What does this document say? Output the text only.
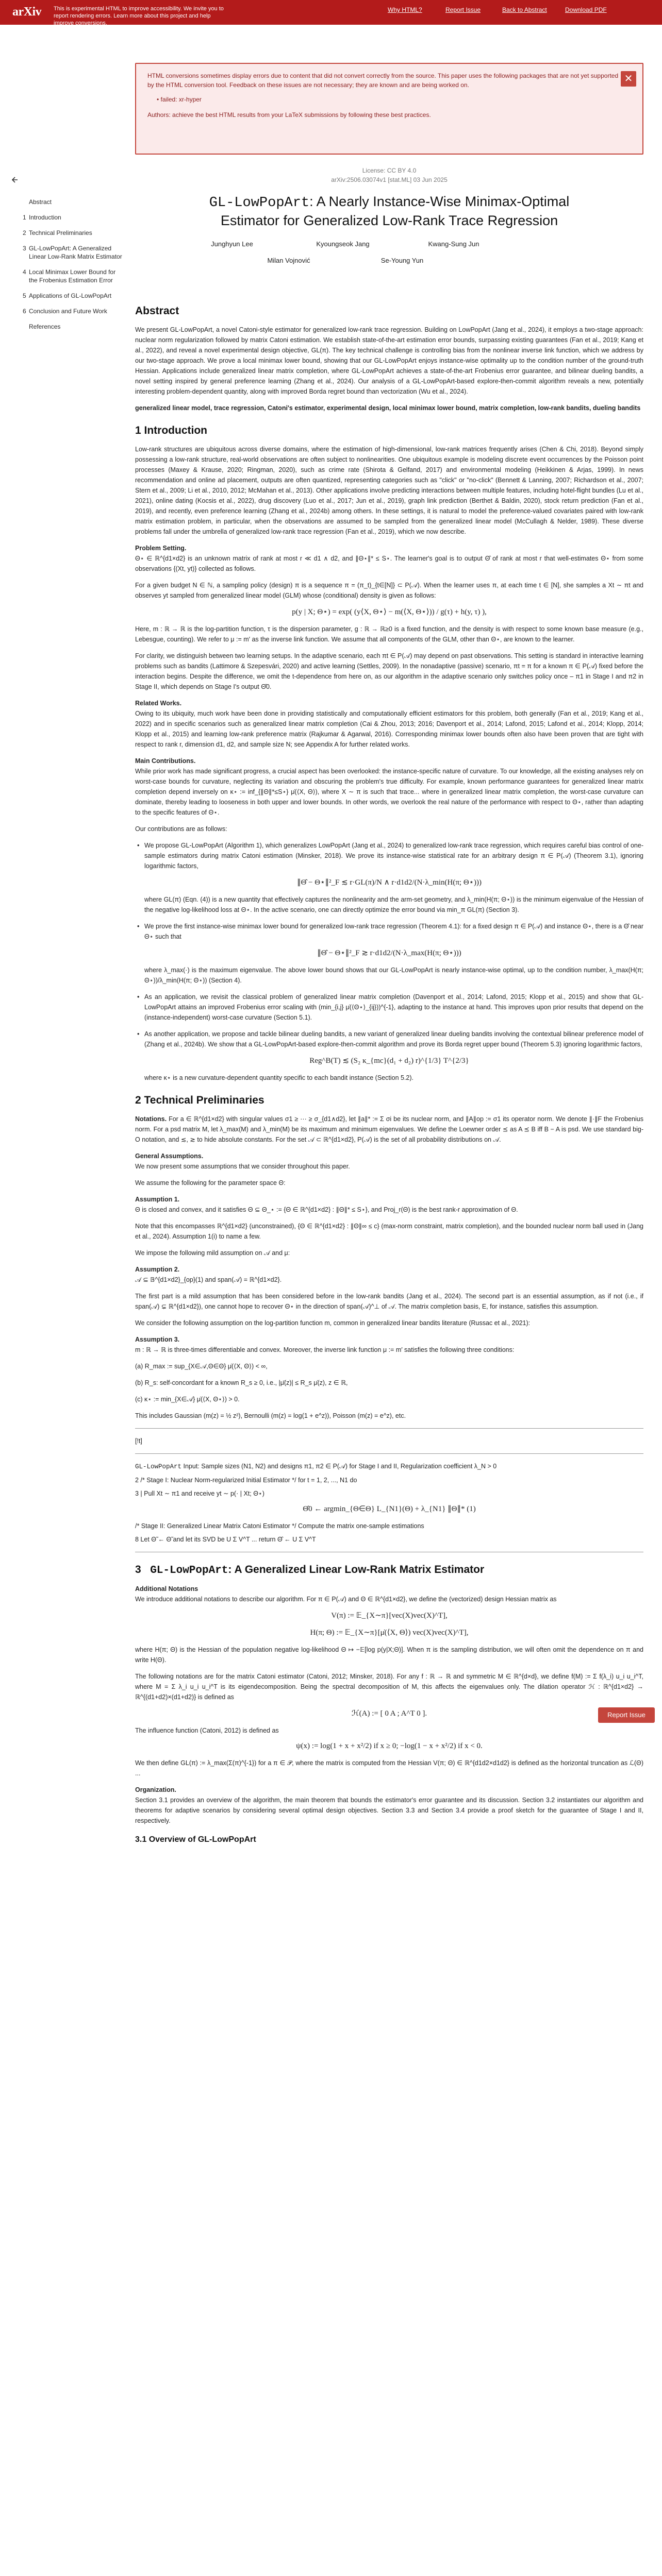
arXiv	This is experimental HTML to improve accessibility. We invite you to report rendering errors. Learn more about this project and help improve conversions.
Why HTML?	Report Issue	Back to Abstract	Download PDF
Abstract
1 Introduction
2 Technical Preliminaries
3 GL-LowPopArt: A Generalized Linear Low-Rank Matrix Estimator
4 Local Minimax Lower Bound for the Frobenius Estimation Error
5 Applications of GL-LowPopArt
6 Conclusion and Future Work
References
HTML conversions sometimes display errors due to content that did not convert correctly from the source. This paper uses the following packages that are not yet supported by the HTML conversion tool. Feedback on these issues are not necessary; they are known and are being worked on.
• failed: xr-hyper
Authors: achieve the best HTML results from your LaTeX submissions by following these best practices.
✕
License: CC BY 4.0
arXiv:2506.03074v1 [stat.ML] 03 Jun 2025
GL-LowPopArt: A Nearly Instance-Wise Minimax-Optimal
Estimator for Generalized Low-Rank Trace Regression
Junghyun Lee	Kyoungseok Jang	Kwang-Sung Jun
Milan Vojnović	Se-Young Yun
Abstract
We present GL-LowPopArt, a novel Catoni-style estimator for generalized low-rank trace regression. Building on LowPopArt (Jang et al., 2024), it employs a two-stage approach: nuclear norm regularization followed by matrix Catoni estimation. We establish state-of-the-art estimation error bounds, surpassing existing guarantees (Fan et al., 2019; Kang et al., 2022), and reveal a novel experimental design objective, GL(π). The key technical challenge is controlling bias from the nonlinear inverse link function, which we address by our two-stage approach. We prove a local minimax lower bound, showing that our GL-LowPopArt enjoys instance-wise optimality up to the condition number of the ground-truth Hessian. Applications include generalized linear matrix completion, where GL-LowPopArt achieves a state-of-the-art Frobenius error guarantee, and bilinear dueling bandits, a novel setting inspired by general preference learning (Zhang et al., 2024). Our analysis of a GL-LowPopArt-based explore-then-commit algorithm reveals a new, potentially interesting problem-dependent quantity, along with improved Borda regret bound than vectorization (Wu et al., 2024).
generalized linear model, trace regression, Catoni's estimator, experimental design, local minimax lower bound, matrix completion, low-rank bandits, dueling bandits
1 Introduction
Low-rank structures are ubiquitous across diverse domains, where the estimation of high-dimensional, low-rank matrices frequently arises (Chen & Chi, 2018). Beyond simply possessing a low-rank structure, real-world observations are often subject to nonlinearities. One ubiquitous example is modeling discrete event occurrences by the Poisson point processes (Maxey & Krause, 2020; Ringman, 2020), such as crime rate (Shirota & Gelfand, 2017) and environmental modeling (Heikkinen & Arjas, 1999). In news recommendation and online ad placement, outputs are often quantized, representing categories such as "click" or "no-click" (Bennett & Lanning, 2007; Richardson et al., 2007; Stern et al., 2009; Li et al., 2010, 2012; McMahan et al., 2013). Other applications involve predicting interactions between multiple features, including hotel-flight bundles (Lu et al., 2021), online dating (Kocsis et al., 2022), drug discovery (Luo et al., 2017; Jun et al., 2019), graph link prediction (Berthet & Baldin, 2020), stock return prediction (Fan et al., 2019), and recently, even preference learning (Zhang et al., 2024b) among others. In these settings, it is natural to model the preference-valued covariates paired with low-rank matrix estimation problem, in particular, when the observations are assumed to be sampled from the generalized linear model (McCullagh & Nelder, 1989). These diverse problems fall under the umbrella of generalized low-rank trace regression (Fan et al., 2019), which we now describe.
Problem Setting.
Θ⋆ ∈ ℝ^{d1×d2} is an unknown matrix of rank at most r ≪ d1 ∧ d2, and ∥Θ⋆∥* ≤ S⋆. The learner's goal is to output Θ̂ of rank at most r that well-estimates Θ⋆ from some observations {(Xt, yt)} collected as follows.
For a given budget N ∈ ℕ, a sampling policy (design) π is a sequence π = (π_t)_{t∈[N]} ⊂ P(𝒜). When the learner uses π, at each time t ∈ [N], she samples a Xt ∼ πt and observes yt sampled from generalized linear model (GLM) whose (conditional) density is given as follows:
p(y | X; Θ⋆) = exp( (y⟨X, Θ⋆⟩ − m(⟨X, Θ⋆⟩)) / g(τ) + h(y, τ) ),
Here, m : ℝ → ℝ is the log-partition function, τ is the dispersion parameter, g : ℝ → ℝ≥0 is a fixed function, and the density is with respect to some known base measure (e.g., Lebesgue, counting). We refer to μ := m′ as the inverse link function. We assume that all components of the GLM, other than Θ⋆, are known to the learner.
For clarity, we distinguish between two learning setups. In the adaptive scenario, each πt ∈ P(𝒜) may depend on past observations. This setting is standard in interactive learning problems such as bandits (Lattimore & Szepesvári, 2020) and active learning (Settles, 2009). In the nonadaptive (passive) scenario, πt = π for a known π ∈ P(𝒜) fixed before the interaction begins. Despite the difference, we omit the t-dependence from here on, as our algorithm in the adaptive scenario only switches policy once – π1 in Stage I and π2 in Stage II, which depends on Stage I's output Θ̂0.
Related Works.
Owing to its ubiquity, much work have been done in providing statistically and computationally efficient estimators for this problem, both generally (Fan et al., 2019; Kang et al., 2022) and in specific scenarios such as generalized linear matrix completion (Cai & Zhou, 2013; 2016; Davenport et al., 2014; Lafond, 2015; Lafond et al., 2014; Klopp, 2014; Klopp et al., 2015) and learning low-rank preference matrix (Rajkumar & Agarwal, 2016). Corresponding minimax lower bounds often also have been proven that are tight with respect to rank r, dimension d1, d2, and sample size N; see Appendix A for further related works.
Main Contributions.
While prior work has made significant progress, a crucial aspect has been overlooked: the instance-specific nature of curvature. To our knowledge, all the existing analyses rely on worst-case bounds for curvature, neglecting its variation and obscuring the problem's true difficulty. For example, known performance guarantees for generalized linear matrix completion depend inversely on κ⋆ := inf_{∥Θ∥*≤S⋆} μ̇(⟨X, Θ⟩), where X ∼ π is such that trace... where in generalized linear matrix completion, the worst-case curvature can dominate, thereby leading to looseness in both upper and lower bounds. In other words, we overlook the real nature of the performance with respect to Θ⋆, rather than adapting to the specific features of Θ⋆.
Our contributions are as follows:
• We propose GL-LowPopArt (Algorithm 1), which generalizes LowPopArt (Jang et al., 2024) to generalized low-rank trace regression, which requires careful bias control of one-sample estimators during matrix Catoni estimation (Minsker, 2018). We prove its instance-wise statistical rate for an arbitrary design π ∈ P(𝒜) (Theorem 3.1), ignoring logarithmic factors,
∥Θ̂ − Θ⋆∥²_F ≲ r·GL(π)/N ∧ r·d1d2/(N·λ_min(H(π; Θ⋆)))
where GL(π) (Eqn. (4)) is a new quantity that effectively captures the nonlinearity and the arm-set geometry, and λ_min(H(π; Θ⋆)) is the minimum eigenvalue of the Hessian of the negative log-likelihood loss at Θ⋆. In the active scenario, one can directly optimize the error bound via min_π GL(π) (Section 3).
• We prove the first instance-wise minimax lower bound for generalized low-rank trace regression (Theorem 4.1): for a fixed design π ∈ P(𝒜) and instance Θ⋆, there is a Θ̂ near Θ⋆ such that
∥Θ̂ − Θ⋆∥²_F ≳ r·d1d2/(N·λ_max(H(π; Θ⋆)))
where λ_max(·) is the maximum eigenvalue. The above lower bound shows that our GL-LowPopArt is nearly instance-wise optimal, up to the condition number, λ_max(H(π; Θ⋆))/λ_min(H(π; Θ⋆)) (Section 4).
• As an application, we revisit the classical problem of generalized linear matrix completion (Davenport et al., 2014; Lafond, 2015; Klopp et al., 2015) and show that GL-LowPopArt attains an improved Frobenius error scaling with (min_{i,j} μ̇(⟨Θ⋆⟩_{ij}))^{-1}, adapting to the instance at hand. This improves upon prior results that depend on the (instance-independent) worst-case curvature (Section 5.1).
• As another application, we propose and tackle bilinear dueling bandits, a new variant of generalized linear dueling bandits involving the contextual bilinear preference model of (Zhang et al., 2024b). We show that a GL-LowPopArt-based explore-then-commit algorithm and prove its Borda regret upper bound (Theorem 5.3) ignoring logarithmic factors,
Reg^B(T) ≲ (S₂ ĸ_{mc}(d₁ + d₂) r)^{1/3} T^{2/3}
where κ⋆ is a new curvature-dependent quantity specific to each bandit instance (Section 5.2).
2 Technical Preliminaries
Notations. For a ∈ ℝ^{d1×d2} with singular values σ1 ≥ ··· ≥ σ_{d1∧d2}, let ∥a∥* := Σ σi be its nuclear norm, and ∥A∥op := σ1 its operator norm. We denote ∥·∥F the Frobenius norm. For a psd matrix M, let λ_max(M) and λ_min(M) be its maximum and minimum eigenvalues. We define the Loewner order ⪯ as A ⪯ B iff B − A is psd. We use standard big-O notation, and ≲, ≳ to hide absolute constants. For the set 𝒜 ⊂ ℝ^{d1×d2}, P(𝒜) is the set of all probability distributions on 𝒜.
General Assumptions.
We now present some assumptions that we consider throughout this paper.
We assume the following for the parameter space Θ:
Assumption 1.
Θ is closed and convex, and it satisfies Θ ⊆ Θ_⋆ := {Θ ∈ ℝ^{d1×d2} : ∥Θ∥* ≤ S⋆}, and Proj_r(Θ) is the best rank-r approximation of Θ.
Note that this encompasses ℝ^{d1×d2} (unconstrained), {Θ ∈ ℝ^{d1×d2} : ∥Θ∥∞ ≤ c} (max-norm constraint, matrix completion), and the bounded nuclear norm ball used in (Jang et al., 2024). Assumption 1(i) to name a few.
We impose the following mild assumption on 𝒜 and μ:
Assumption 2.
𝒜 ⊆ 𝔹^{d1×d2}_{op}(1) and span(𝒜) = ℝ^{d1×d2}.
The first part is a mild assumption that has been considered before in the low-rank bandits (Jang et al., 2024). The second part is an essential assumption, as if not (i.e., if span(𝒜) ⊊ ℝ^{d1×d2}), one cannot hope to recover Θ⋆ in the direction of span(𝒜)^⊥ of 𝒜. The matrix completion basis, E, for instance, satisfies this assumption.
We consider the following assumption on the log-partition function m, common in generalized linear bandits literature (Russac et al., 2021):
Assumption 3.
m : ℝ → ℝ is three-times differentiable and convex. Moreover, the inverse link function μ := m′ satisfies the following three conditions:
(a) R_max := sup_{X∈𝒜,Θ∈Θ} μ̇(⟨X, Θ⟩) < ∞,
(b) R_s: self-concordant for a known R_s ≥ 0, i.e., |μ̈(z)| ≤ R_s μ̇(z), z ∈ ℝ,
(c) κ⋆ := min_{X∈𝒜} μ̇(⟨X, Θ⋆⟩) > 0.
This includes Gaussian (m(z) = ½ z²), Bernoulli (m(z) = log(1 + e^z)), Poisson (m(z) = e^z), etc.
[!t]
GL-LowPopArt Input: Sample sizes (N1, N2) and designs π1, π2 ∈ P(𝒜) for Stage I and II, Regularization coefficient λ_N > 0
2 /* Stage I: Nuclear Norm-regularized Initial Estimator */ for t = 1, 2, ..., N1 do
3 | Pull Xt ∼ π1 and receive yt ∼ p(· | Xt; Θ⋆)
Θ̂0 ← argmin_{Θ∈Θ} L_{N1}(Θ) + λ_{N1} ∥Θ∥* (1)
/* Stage II: Generalized Linear Matrix Catoni Estimator */ Compute the matrix one-sample estimations
8 Let Θ̃ ← Θ̃ and let its SVD be U Σ V^T ... return Θ̂ ← U Σ V^T
3   GL-LowPopArt: A Generalized Linear Low-Rank Matrix Estimator
Additional Notations
We introduce additional notations to describe our algorithm. For π ∈ P(𝒜) and Θ ∈ ℝ^{d1×d2}, we define the (vectorized) design Hessian matrix as
V(π) := 𝔼_{X∼π}[vec(X)vec(X)^T],
H(π; Θ) := 𝔼_{X∼π}[μ̇(⟨X, Θ⟩) vec(X)vec(X)^T],
where H(π; Θ) is the Hessian of the population negative log-likelihood Θ ↦ −𝔼[log p(y|X;Θ)]. When π is the sampling distribution, we will often omit the dependence on π and write H(Θ).
The following notations are for the matrix Catoni estimator (Catoni, 2012; Minsker, 2018). For any f : ℝ → ℝ and symmetric M ∈ ℝ^{d×d}, we define f(M) := Σ f(λ_i) u_i u_i^T, where M = Σ λ_i u_i u_i^T is its eigendecomposition. Being the spectral decomposition of M, this affects the eigenvalues only. The dilation operator ℋ : ℝ^{d1×d2} → ℝ^{(d1+d2)×(d1+d2)} is defined as
ℋ(A) := [ 0 A ; A^T 0 ].
The influence function (Catoni, 2012) is defined as
ψ(x) := log(1 + x + x²/2) if x ≥ 0; −log(1 − x + x²/2) if x < 0.
We then define GL(π) := λ_max(Σ(π)^{-1}) for a π ∈ 𝒫, where the matrix is computed from the Hessian V(π; Θ) ∈ ℝ^{d1d2×d1d2} is defined as the horizontal truncation as ℒ(Θ) ...
Organization.
Section 3.1 provides an overview of the algorithm, the main theorem that bounds the estimator's error guarantee and its discussion. Section 3.2 instantiates our algorithm and theorems for adaptive scenarios by considering several optimal design objectives. Section 3.3 and Section 3.4 provide a proof sketch for the guarantee of Stage I and II, respectively.
3.1 Overview of GL-LowPopArt
Report Issue
